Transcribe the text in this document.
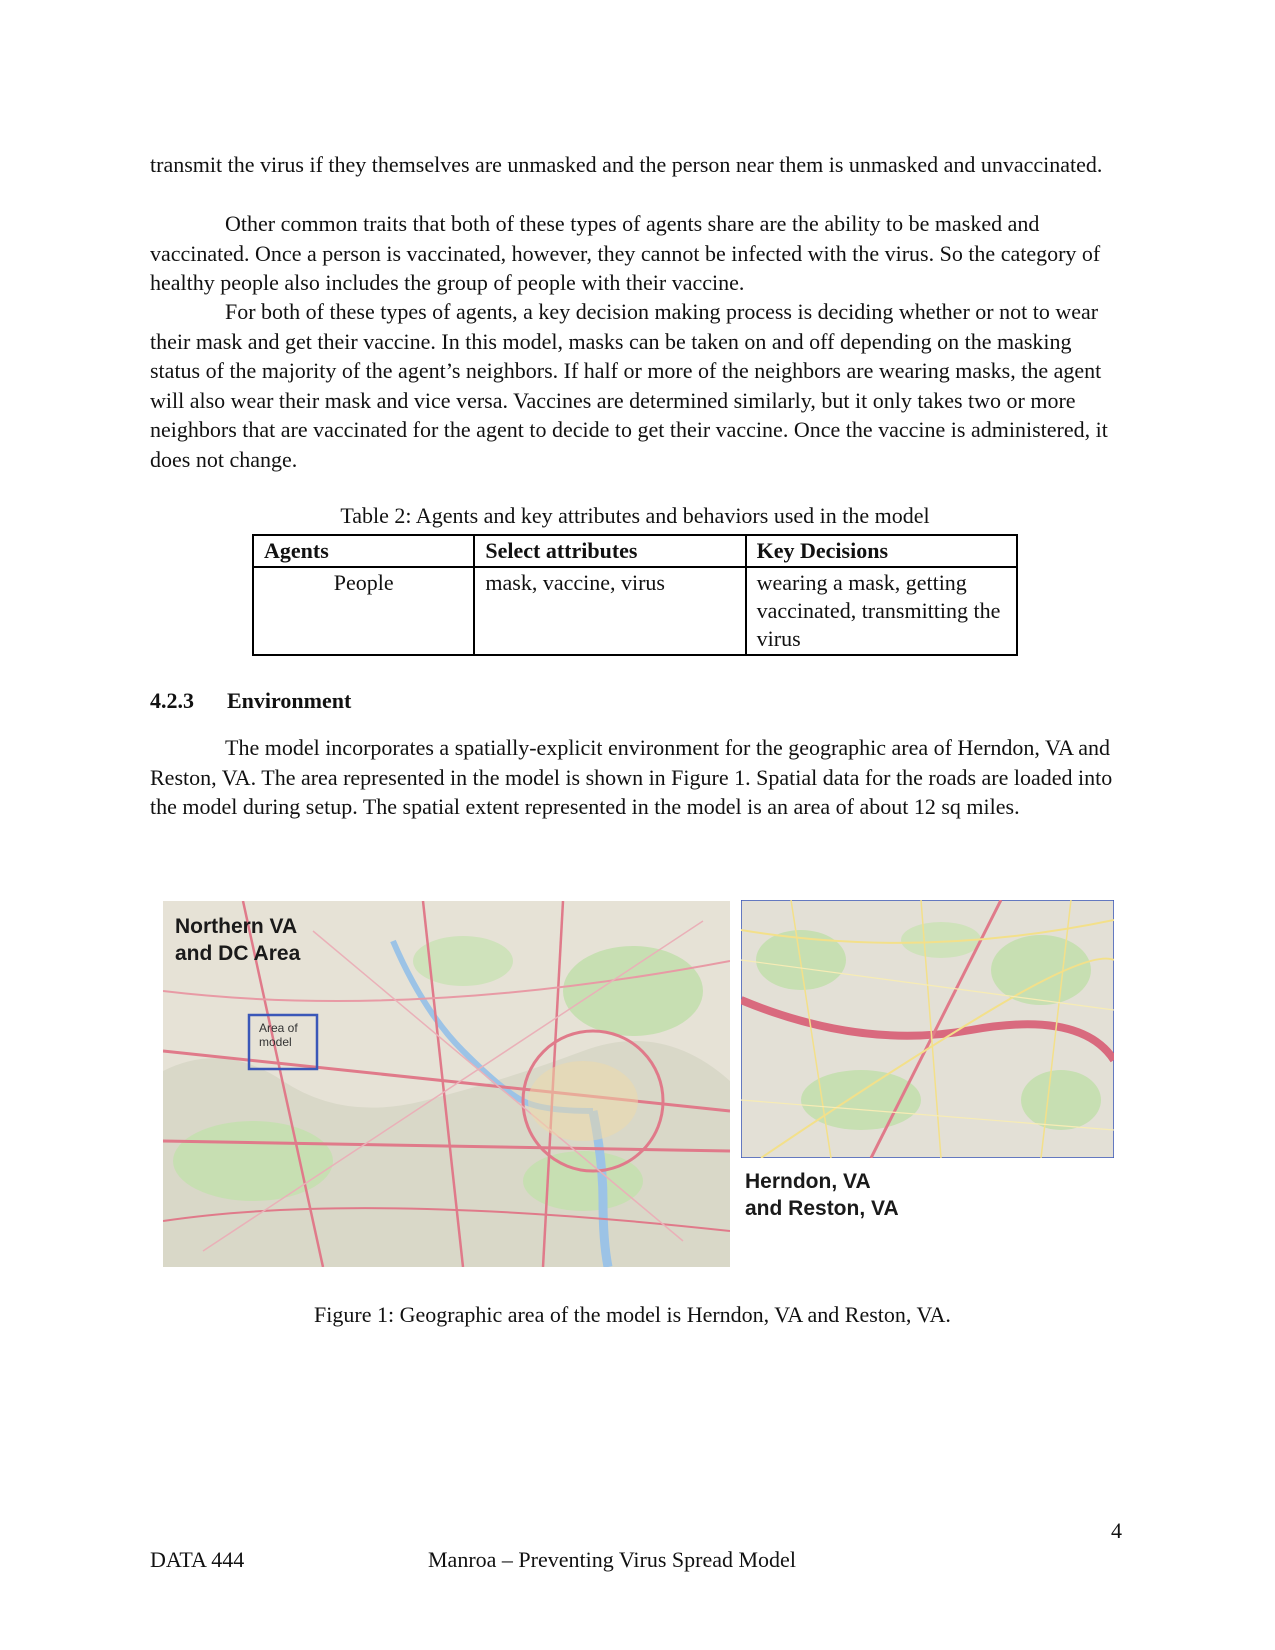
transmit the virus if they themselves are unmasked and the person near them is unmasked and unvaccinated.

Other common traits that both of these types of agents share are the ability to be masked and vaccinated. Once a person is vaccinated, however, they cannot be infected with the virus. So the category of healthy people also includes the group of people with their vaccine.

For both of these types of agents, a key decision making process is deciding whether or not to wear their mask and get their vaccine. In this model, masks can be taken on and off depending on the masking status of the majority of the agent’s neighbors. If half or more of the neighbors are wearing masks, the agent will also wear their mask and vice versa. Vaccines are determined similarly, but it only takes two or more neighbors that are vaccinated for the agent to decide to get their vaccine. Once the vaccine is administered, it does not change.

Table 2: Agents and key attributes and behaviors used in the model

Agents	Select attributes	Key Decisions
People	mask, vaccine, virus	wearing a mask, getting vaccinated, transmitting the virus

4.2.3 Environment

The model incorporates a spatially-explicit environment for the geographic area of Herndon, VA and Reston, VA. The area represented in the model is shown in Figure 1. Spatial data for the roads are loaded into the model during setup. The spatial extent represented in the model is an area of about 12 sq miles.

Northern VA
and DC Area
Area of
model
Herndon, VA
and Reston, VA

Figure 1: Geographic area of the model is Herndon, VA and Reston, VA.

4
DATA 444	Manroa – Preventing Virus Spread Model
